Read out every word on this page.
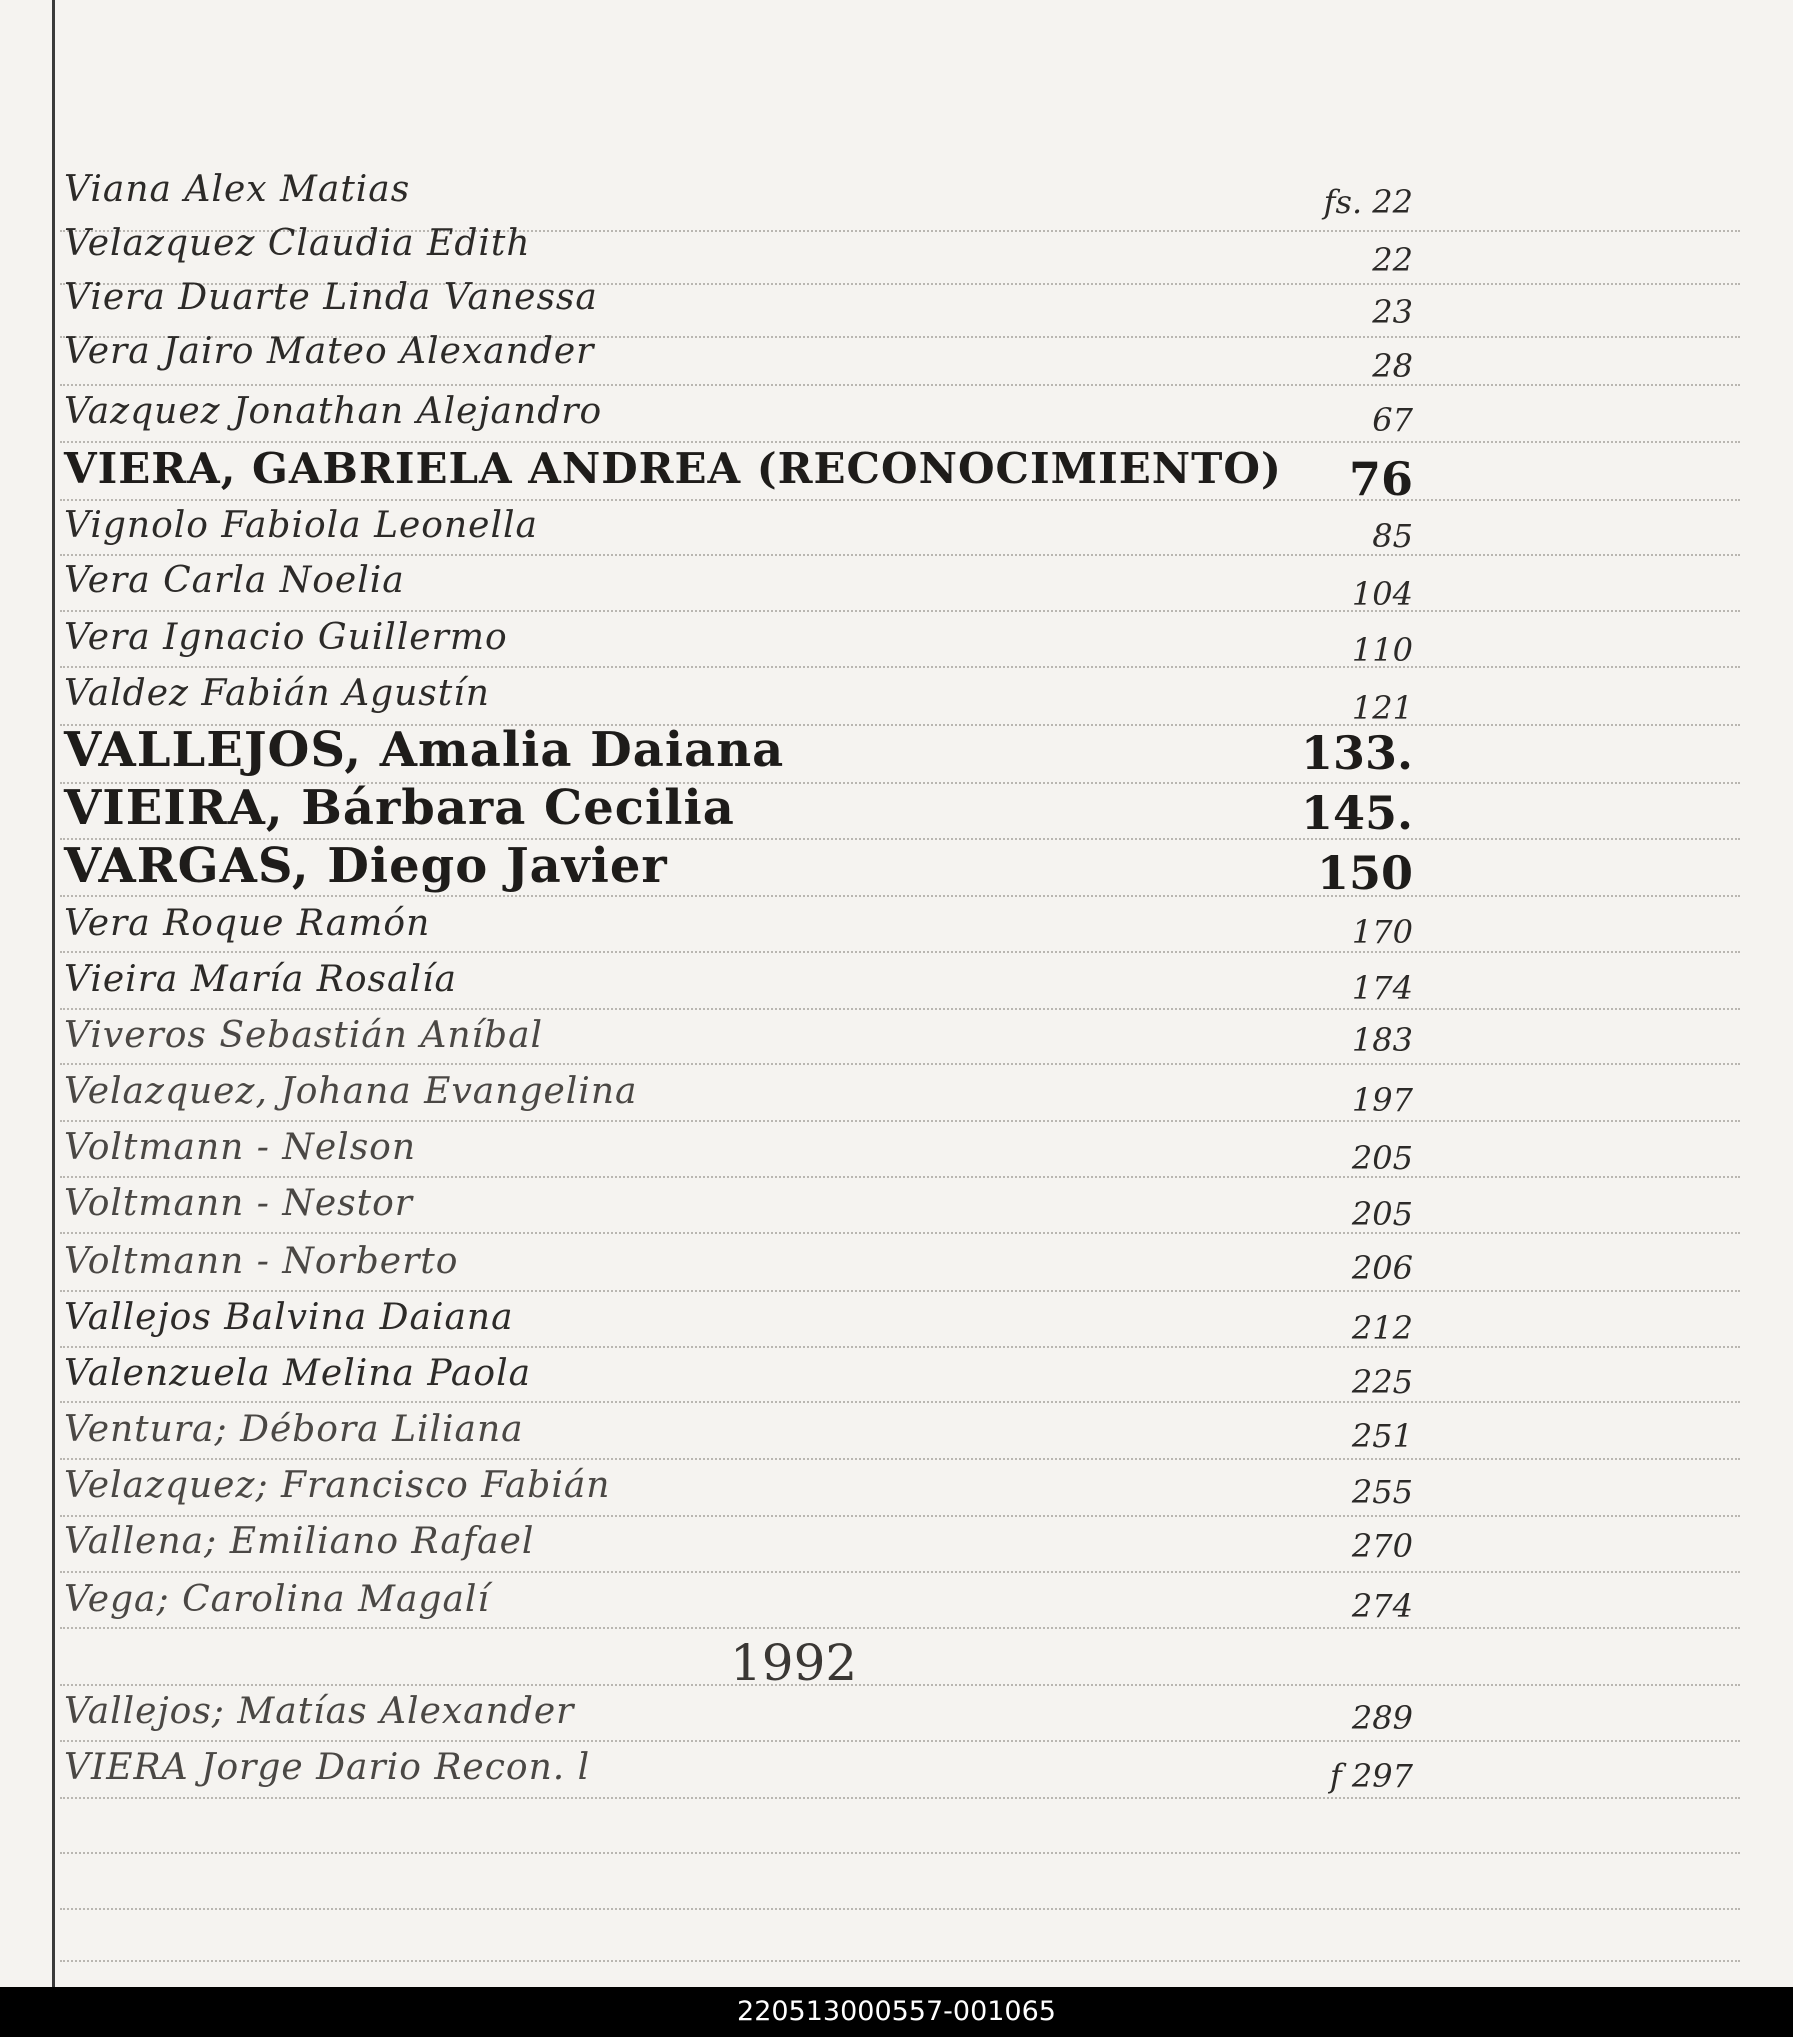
Viana Alex Matias
Velazquez Claudia Edith
Viera Duarte Linda Vanessa
Vera Jairo Mateo Alexander
Vazquez Jonathan Alejandro
VIERA, GABRIELA ANDREA (RECONOCIMIENTO)
Vignolo Fabiola Leonella
Vera Carla Noelia
Vera Ignacio Guillermo
Valdez Fabián Agustín
VALLEJOS, Amalia Daiana
VIEIRA, Bárbara Cecilia
VARGAS, Diego Javier
Vera Roque Ramón
Vieira María Rosalía
Viveros Sebastián Aníbal
Velazquez, Johana Evangelina
Voltmann - Nelson
Voltmann - Nestor
Voltmann - Norberto
Vallejos Balvina Daiana
Valenzuela Melina Paola
Ventura; Débora Liliana
Velazquez; Francisco Fabián
Vallena; Emiliano Rafael
Vega; Carolina Magalí
Vallejos; Matías Alexander
VIERA Jorge Dario Recon. l
fs. 22
22
23
28
67
76
85
104
110
121
133.
145.
150
170
174
183
197
205
205
206
212
225
251
255
270
274
289
f 297
1992
220513000557-001065
